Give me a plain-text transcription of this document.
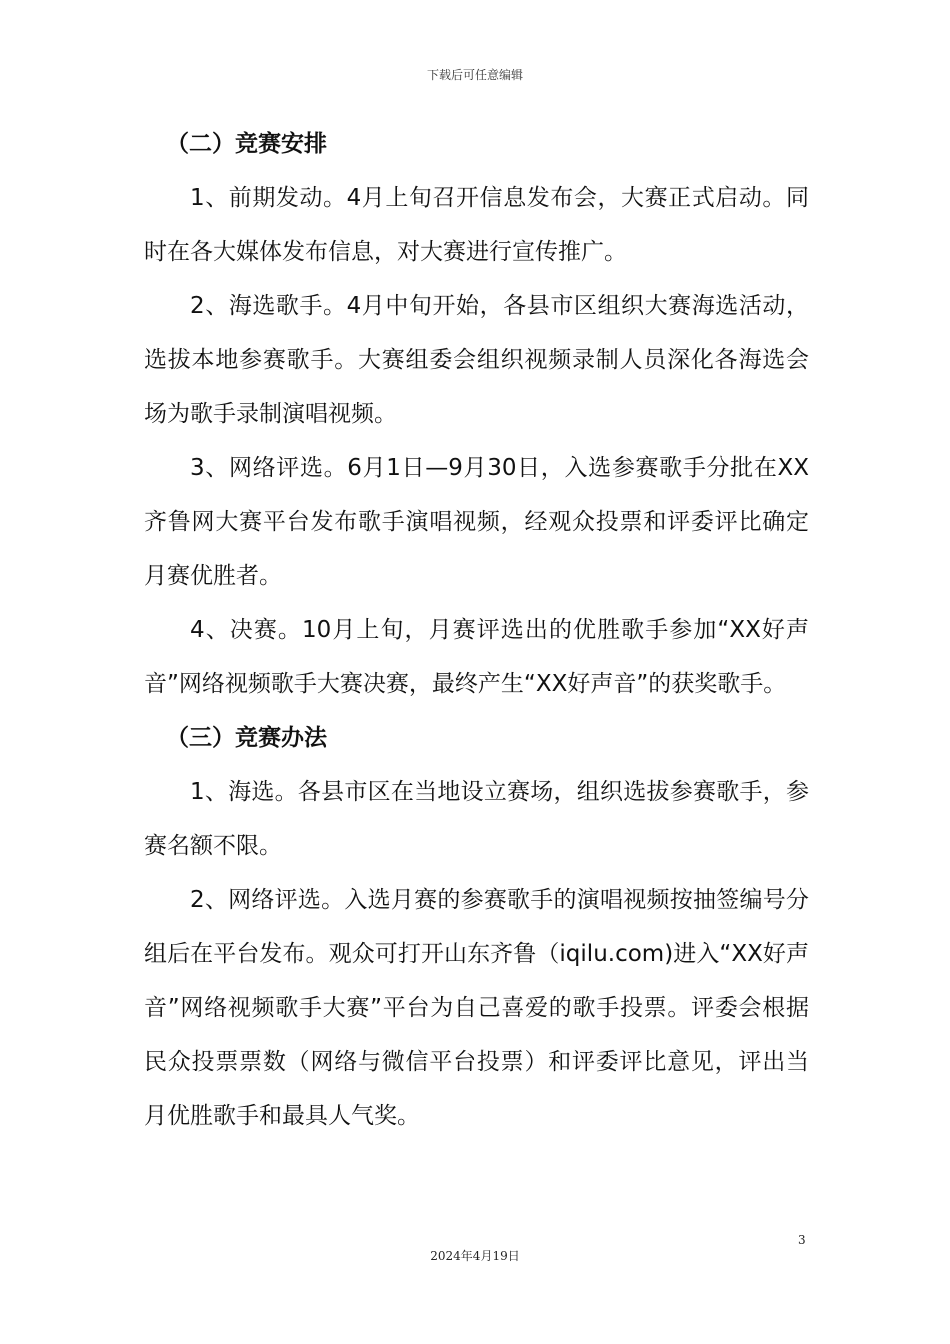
下载后可任意编辑

（二）竞赛安排

1、前期发动。4月上旬召开信息发布会，大赛正式启动。同时在各大媒体发布信息，对大赛进行宣传推广。

2、海选歌手。4月中旬开始，各县市区组织大赛海选活动，选拔本地参赛歌手。大赛组委会组织视频录制人员深化各海选会场为歌手录制演唱视频。

3、网络评选。6月1日—9月30日，入选参赛歌手分批在XX齐鲁网大赛平台发布歌手演唱视频，经观众投票和评委评比确定月赛优胜者。

4、决赛。10月上旬，月赛评选出的优胜歌手参加“XX好声音”网络视频歌手大赛决赛，最终产生“XX好声音”的获奖歌手。

（三）竞赛办法

1、海选。各县市区在当地设立赛场，组织选拔参赛歌手，参赛名额不限。

2、网络评选。入选月赛的参赛歌手的演唱视频按抽签编号分组后在平台发布。观众可打开山东齐鲁（iqilu.com)进入“XX好声音”网络视频歌手大赛”平台为自己喜爱的歌手投票。评委会根据民众投票票数（网络与微信平台投票）和评委评比意见，评出当月优胜歌手和最具人气奖。

3
2024年4月19日
